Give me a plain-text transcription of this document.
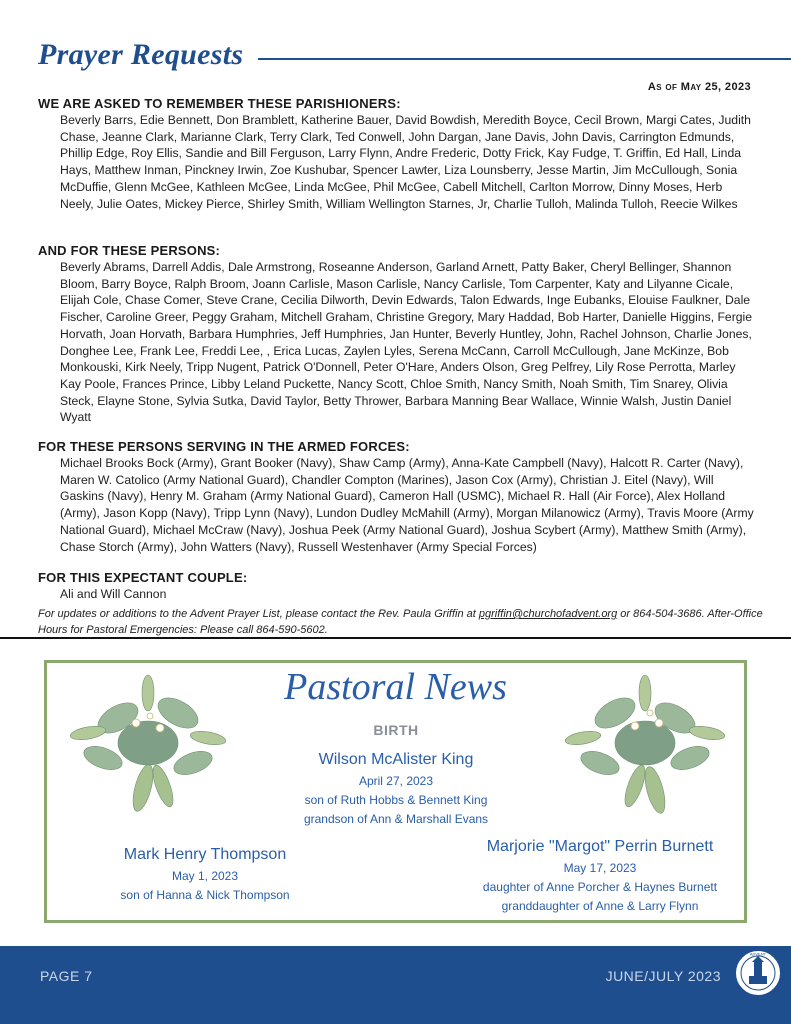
Prayer Requests
As of May 25, 2023
WE ARE ASKED TO REMEMBER THESE PARISHIONERS:
Beverly Barrs, Edie Bennett, Don Bramblett, Katherine Bauer, David Bowdish, Meredith Boyce, Cecil Brown, Margi Cates, Judith Chase, Jeanne Clark, Marianne Clark, Terry Clark, Ted Conwell, John Dargan, Jane Davis, John Davis, Carrington Edmunds, Phillip Edge, Roy Ellis, Sandie and Bill Ferguson, Larry Flynn, Andre Frederic, Dotty Frick, Kay Fudge, T. Griffin, Ed Hall, Linda Hays, Matthew Inman, Pinckney Irwin, Zoe Kushubar, Spencer Lawter, Liza Lounsberry, Jesse Martin, Jim McCullough, Sonia McDuffie, Glenn McGee, Kathleen McGee, Linda McGee, Phil McGee, Cabell Mitchell, Carlton Morrow, Dinny Moses, Herb Neely, Julie Oates, Mickey Pierce, Shirley Smith, William Wellington Starnes, Jr, Charlie Tulloh, Malinda Tulloh, Reecie Wilkes
AND FOR THESE PERSONS:
Beverly Abrams, Darrell Addis, Dale Armstrong, Roseanne Anderson, Garland Arnett, Patty Baker, Cheryl Bellinger, Shannon Bloom, Barry Boyce, Ralph Broom, Joann Carlisle, Mason Carlisle, Nancy Carlisle, Tom Carpenter, Katy and Lilyanne Cicale, Elijah Cole, Chase Comer, Steve Crane, Cecilia Dilworth, Devin Edwards, Talon Edwards, Inge Eubanks, Elouise Faulkner, Dale Fischer, Caroline Greer, Peggy Graham, Mitchell Graham, Christine Gregory, Mary Haddad, Bob Harter, Danielle Higgins, Fergie Horvath, Joan Horvath, Barbara Humphries, Jeff Humphries, Jan Hunter, Beverly Huntley, John, Rachel Johnson, Charlie Jones, Donghee Lee, Frank Lee, Freddi Lee, , Erica Lucas, Zaylen Lyles, Serena McCann, Carroll McCullough, Jane McKinze, Bob Monkouski, Kirk Neely, Tripp Nugent, Patrick O'Donnell, Peter O'Hare, Anders Olson, Greg Pelfrey, Lily Rose Perrotta, Marley Kay Poole, Frances Prince, Libby Leland Puckette, Nancy Scott, Chloe Smith, Nancy Smith, Noah Smith, Tim Snarey, Olivia Steck, Elayne Stone, Sylvia Sutka, David Taylor, Betty Thrower, Barbara Manning Bear Wallace, Winnie Walsh, Justin Daniel Wyatt
FOR THESE PERSONS SERVING IN THE ARMED FORCES:
Michael Brooks Bock (Army), Grant Booker (Navy), Shaw Camp (Army), Anna-Kate Campbell (Navy), Halcott R. Carter (Navy), Maren W. Catolico (Army National Guard), Chandler Compton (Marines), Jason Cox (Army), Christian J. Eitel (Navy), Will Gaskins (Navy), Henry M. Graham (Army National Guard), Cameron Hall (USMC), Michael R. Hall (Air Force), Alex Holland (Army), Jason Kopp (Navy), Tripp Lynn (Navy), Lundon Dudley McMahill (Army), Morgan Milanowicz (Army), Travis Moore (Army National Guard), Michael McCraw (Navy), Joshua Peek (Army National Guard), Joshua Scybert (Army), Matthew Smith (Army), Chase Storch (Army), John Watters (Navy), Russell Westenhaver (Army Special Forces)
FOR THIS EXPECTANT COUPLE:
Ali and Will Cannon
For updates or additions to the Advent Prayer List, please contact the Rev. Paula Griffin at pgriffin@churchofadvent.org or 864-504-3686. After-Office Hours for Pastoral Emergencies: Please call 864-590-5602.
Pastoral News
BIRTH
Wilson McAlister King
April 27, 2023
son of Ruth Hobbs & Bennett King
grandson of Ann & Marshall Evans
Mark Henry Thompson
May 1, 2023
son of Hanna & Nick Thompson
Marjorie "Margot" Perrin Burnett
May 17, 2023
daughter of Anne Porcher & Haynes Burnett
granddaughter of Anne & Larry Flynn
PAGE 7	JUNE/JULY 2023
ADVENT
